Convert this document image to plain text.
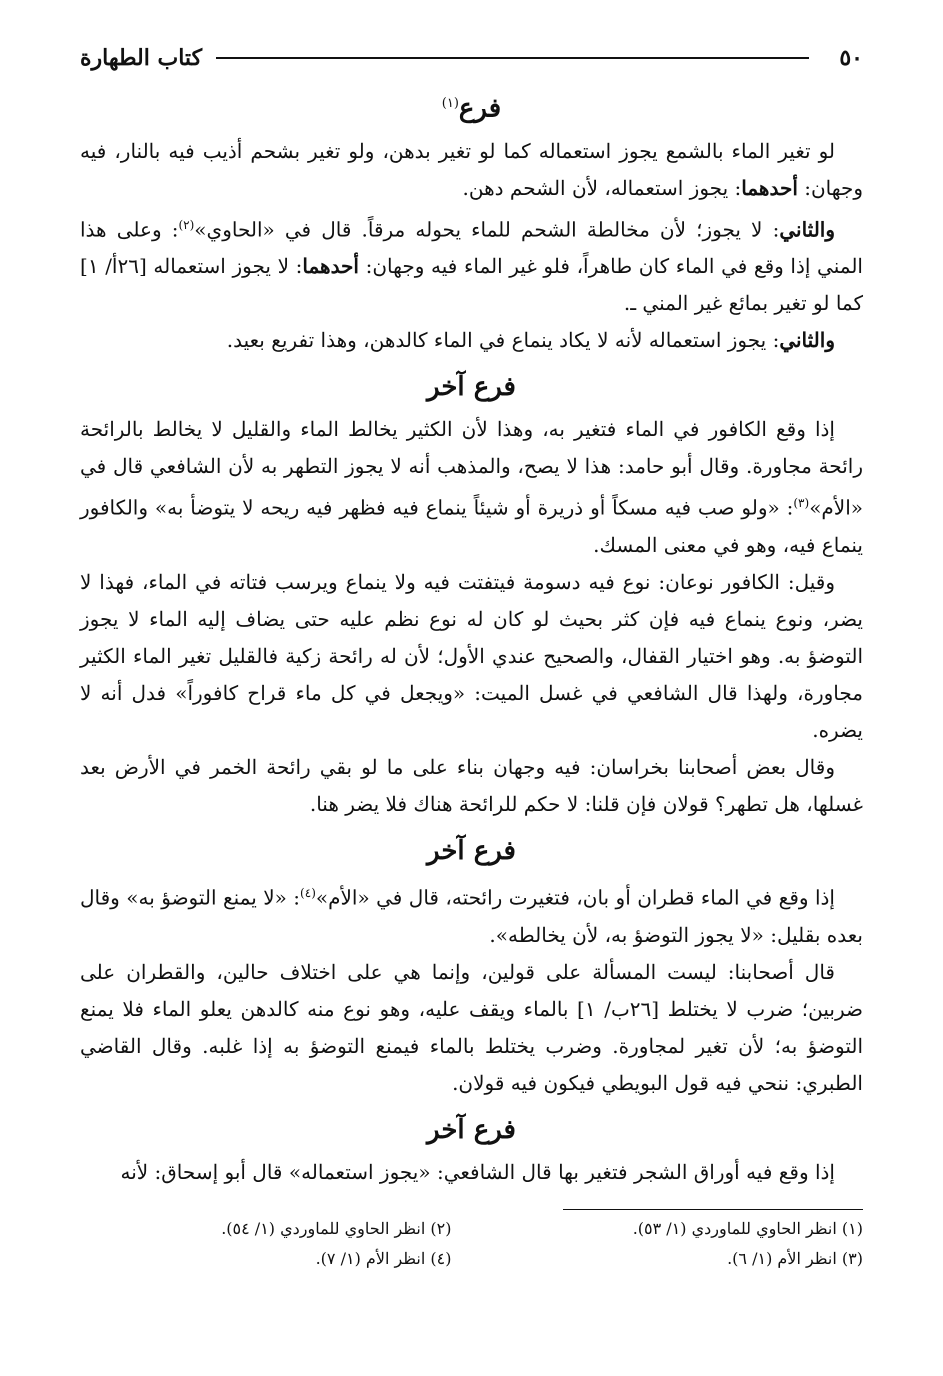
٥٠
كتاب الطهارة
فرع$^{(١)}$

لو تغير الماء بالشمع يجوز استعماله كما لو تغير بدهن، ولو تغير بشحم أذيب فيه بالنار، فيه وجهان: أحدهما: يجوز استعماله، لأن الشحم دهن.

والثاني: لا يجوز؛ لأن مخالطة الشحم للماء يحوله مرقاً. قال في «الحاوي»$^{(٢)}$: وعلى هذا المني إذا وقع في الماء كان طاهراً، فلو غير الماء فيه وجهان: أحدهما: لا يجوز استعماله [٢٦أ/ ١] كما لو تغير بمائع غير المني ـ.

والثاني: يجوز استعماله لأنه لا يكاد ينماع في الماء كالدهن، وهذا تفريع بعيد.

فرع آخر

إذا وقع الكافور في الماء فتغير به، وهذا لأن الكثير يخالط الماء والقليل لا يخالط بالرائحة رائحة مجاورة. وقال أبو حامد: هذا لا يصح، والمذهب أنه لا يجوز التطهر به لأن الشافعي قال في «الأم»$^{(٣)}$: «ولو صب فيه مسكاً أو ذريرة أو شيئاً ينماع فيه فظهر فيه ريحه لا يتوضأ به» والكافور ينماع فيه، وهو في معنى المسك.

وقيل: الكافور نوعان: نوع فيه دسومة فيتفتت فيه ولا ينماع ويرسب فتاته في الماء، فهذا لا يضر، ونوع ينماع فيه فإن كثر بحيث لو كان له نوع نظم عليه حتى يضاف إليه الماء لا يجوز التوضؤ به. وهو اختيار القفال، والصحيح عندي الأول؛ لأن له رائحة زكية فالقليل تغير الماء الكثير مجاورة، ولهذا قال الشافعي في غسل الميت: «ويجعل في كل ماء قراح كافوراً» فدل أنه لا يضره.

وقال بعض أصحابنا بخراسان: فيه وجهان بناء على ما لو بقي رائحة الخمر في الأرض بعد غسلها، هل تطهر؟ قولان فإن قلنا: لا حكم للرائحة هناك فلا يضر هنا.

فرع آخر

إذا وقع في الماء قطران أو بان، فتغيرت رائحته، قال في «الأم»$^{(٤)}$: «لا يمنع التوضؤ به» وقال بعده بقليل: «لا يجوز التوضؤ به، لأن يخالطه».

قال أصحابنا: ليست المسألة على قولين، وإنما هي على اختلاف حالين، والقطران على ضربين؛ ضرب لا يختلط [٢٦ب/ ١] بالماء ويقف عليه، وهو نوع منه كالدهن يعلو الماء فلا يمنع التوضؤ به؛ لأن تغير لمجاورة. وضرب يختلط بالماء فيمنع التوضؤ به إذا غلبه. وقال القاضي الطبري: ننحي فيه قول البويطي فيكون فيه قولان.

فرع آخر

إذا وقع فيه أوراق الشجر فتغير بها قال الشافعي: «يجوز استعماله» قال أبو إسحاق: لأنه

(١) انظر الحاوي للماوردي (١/ ٥٣).
(٢) انظر الحاوي للماوردي (١/ ٥٤).
(٣) انظر الأم (١/ ٦).
(٤) انظر الأم (١/ ٧).
